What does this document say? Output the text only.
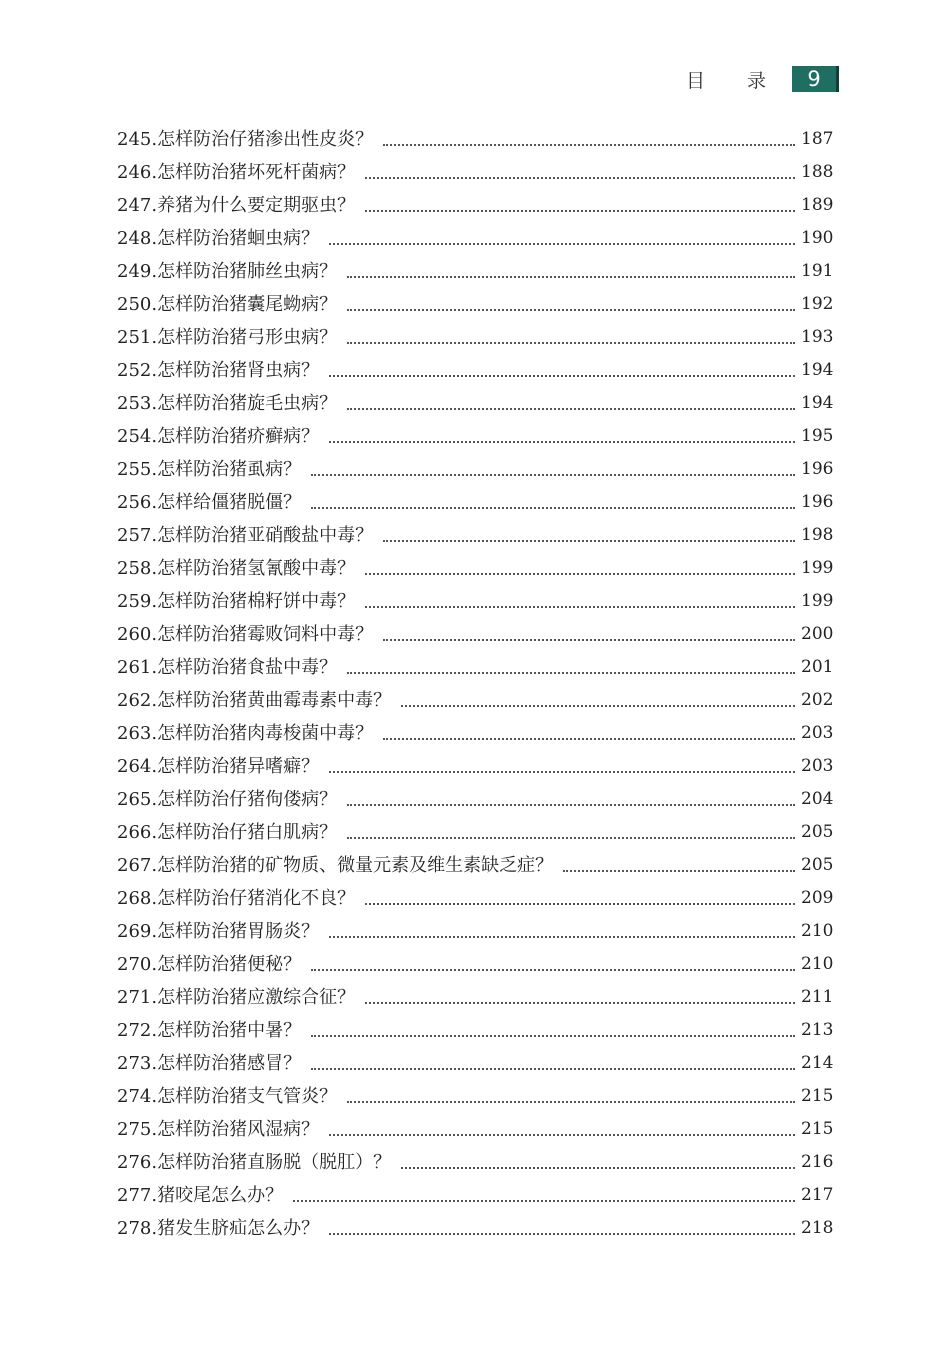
目 录	9
245. 怎样防治仔猪渗出性皮炎？	187
246. 怎样防治猪坏死杆菌病？	188
247. 养猪为什么要定期驱虫？	189
248. 怎样防治猪蛔虫病？	190
249. 怎样防治猪肺丝虫病？	191
250. 怎样防治猪囊尾蚴病？	192
251. 怎样防治猪弓形虫病？	193
252. 怎样防治猪肾虫病？	194
253. 怎样防治猪旋毛虫病？	194
254. 怎样防治猪疥癣病？	195
255. 怎样防治猪虱病？	196
256. 怎样给僵猪脱僵？	196
257. 怎样防治猪亚硝酸盐中毒？	198
258. 怎样防治猪氢氰酸中毒？	199
259. 怎样防治猪棉籽饼中毒？	199
260. 怎样防治猪霉败饲料中毒？	200
261. 怎样防治猪食盐中毒？	201
262. 怎样防治猪黄曲霉毒素中毒？	202
263. 怎样防治猪肉毒梭菌中毒？	203
264. 怎样防治猪异嗜癖？	203
265. 怎样防治仔猪佝偻病？	204
266. 怎样防治仔猪白肌病？	205
267. 怎样防治猪的矿物质、微量元素及维生素缺乏症？	205
268. 怎样防治仔猪消化不良？	209
269. 怎样防治猪胃肠炎？	210
270. 怎样防治猪便秘？	210
271. 怎样防治猪应激综合征？	211
272. 怎样防治猪中暑？	213
273. 怎样防治猪感冒？	214
274. 怎样防治猪支气管炎？	215
275. 怎样防治猪风湿病？	215
276. 怎样防治猪直肠脱（脱肛）？	216
277. 猪咬尾怎么办？	217
278. 猪发生脐疝怎么办？	218
